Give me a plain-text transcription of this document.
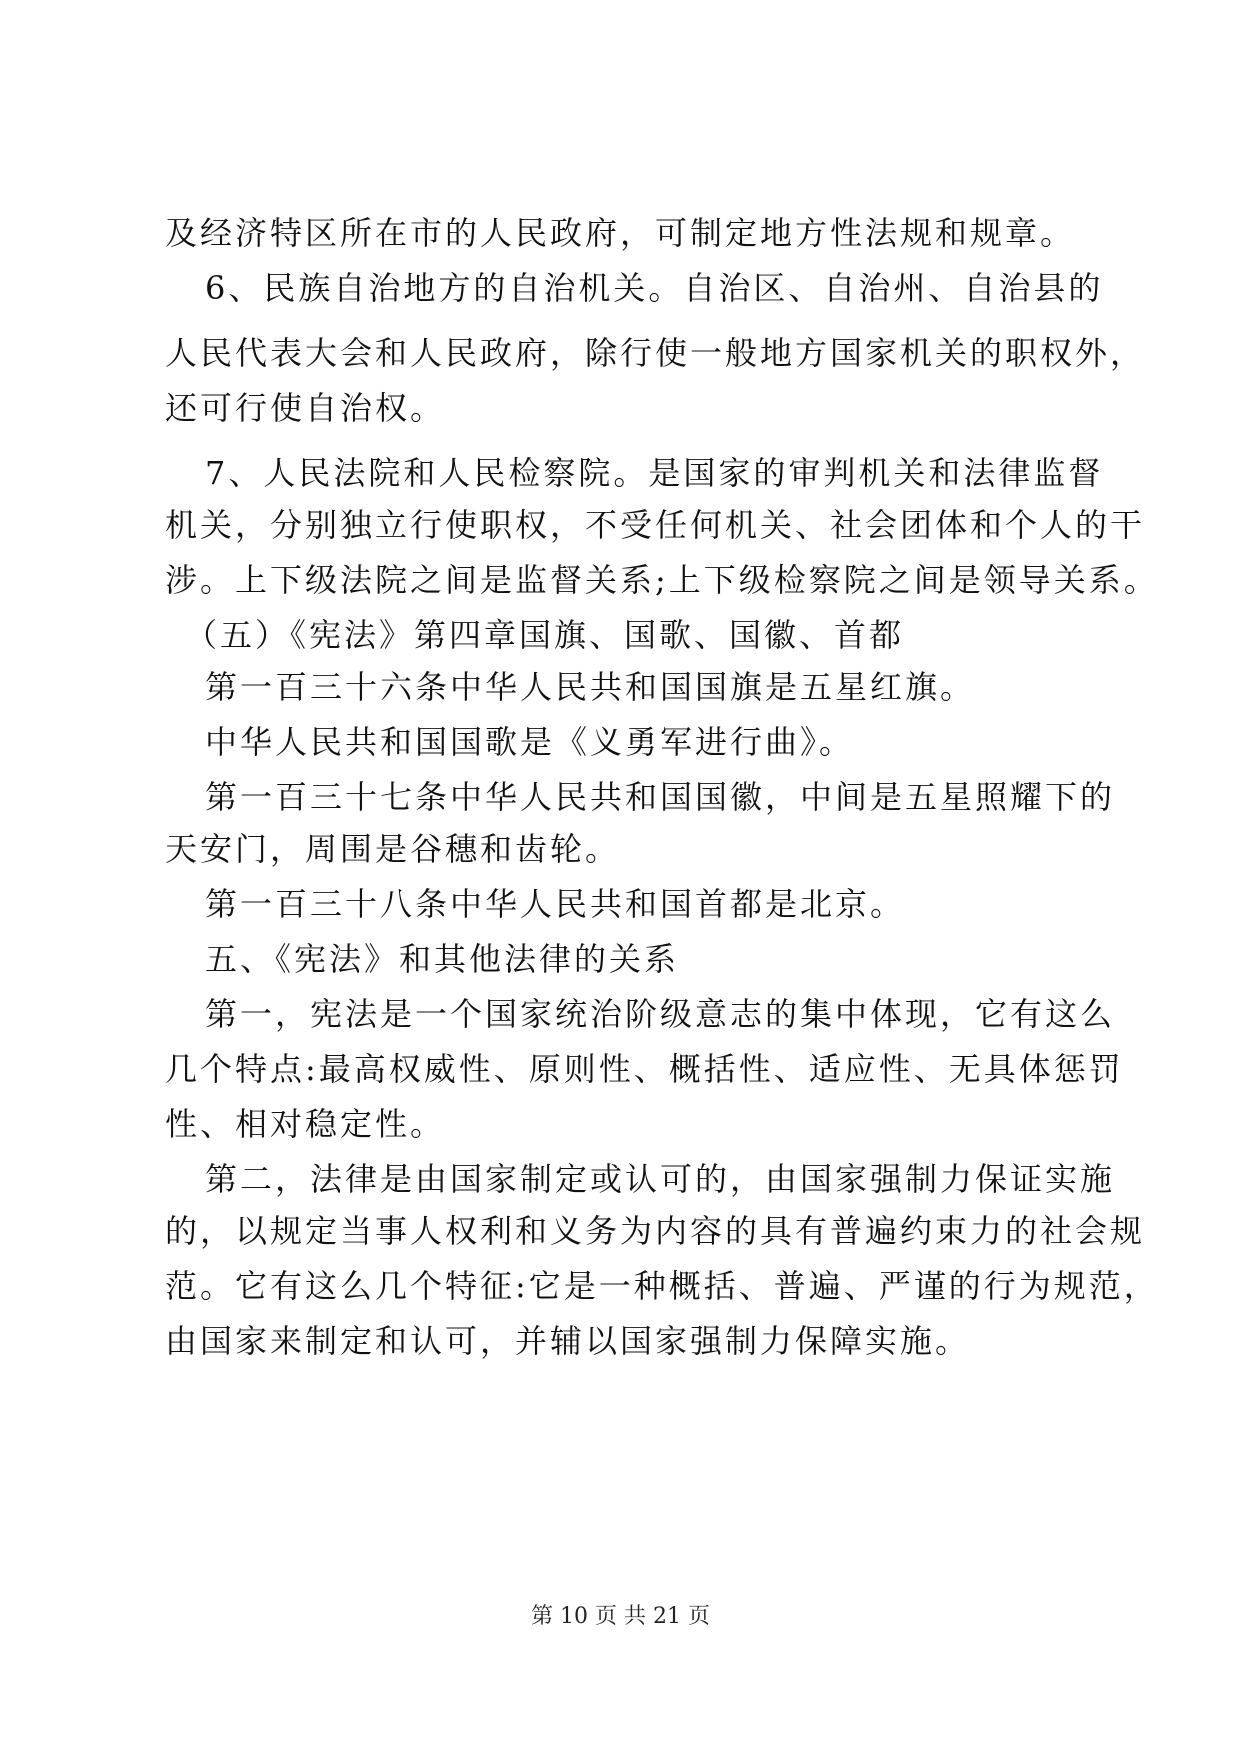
及经济特区所在市的人民政府，可制定地方性法规和规章。
6、民族自治地方的自治机关。自治区、自治州、自治县的
人民代表大会和人民政府，除行使一般地方国家机关的职权外，
还可行使自治权。
7、人民法院和人民检察院。是国家的审判机关和法律监督
机关，分别独立行使职权，不受任何机关、社会团体和个人的干
涉。上下级法院之间是监督关系;上下级检察院之间是领导关系。
（五）《宪法》第四章国旗、国歌、国徽、首都
第一百三十六条中华人民共和国国旗是五星红旗。
中华人民共和国国歌是《义勇军进行曲》。
第一百三十七条中华人民共和国国徽，中间是五星照耀下的
天安门，周围是谷穗和齿轮。
第一百三十八条中华人民共和国首都是北京。
五、《宪法》和其他法律的关系
第一，宪法是一个国家统治阶级意志的集中体现，它有这么
几个特点:最高权威性、原则性、概括性、适应性、无具体惩罚
性、相对稳定性。
第二，法律是由国家制定或认可的，由国家强制力保证实施
的，以规定当事人权利和义务为内容的具有普遍约束力的社会规
范。它有这么几个特征:它是一种概括、普遍、严谨的行为规范，
由国家来制定和认可，并辅以国家强制力保障实施。
第 10 页 共 21 页
